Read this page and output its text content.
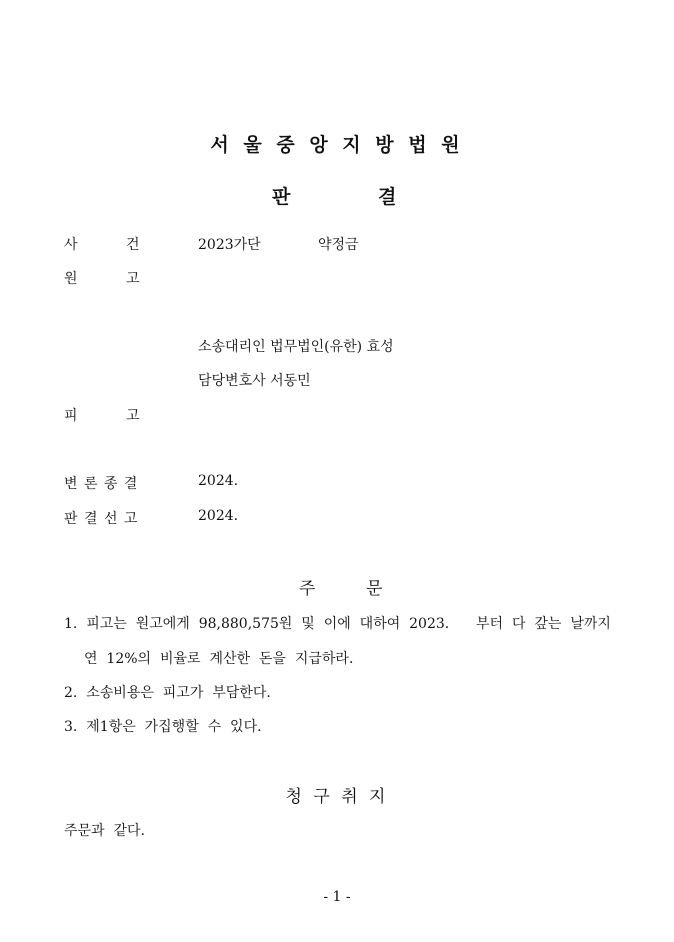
서 울 중 앙 지 방 법 원
판	결
사	건	2023가단	약정금
원	고
소송대리인 법무법인(유한) 효성
담당변호사 서동민
피	고
변 론 종 결	2024.
판 결 선 고	2024.
주	문
1.  피고는  원고에게  98,880,575원  및  이에  대하여  2023. 부터  다  갚는  날까지
연  12%의  비율로  계산한  돈을  지급하라.
2.  소송비용은  피고가  부담한다.
3.  제1항은  가집행할  수  있다.
청 구 취 지
주문과  같다.
- 1 -
